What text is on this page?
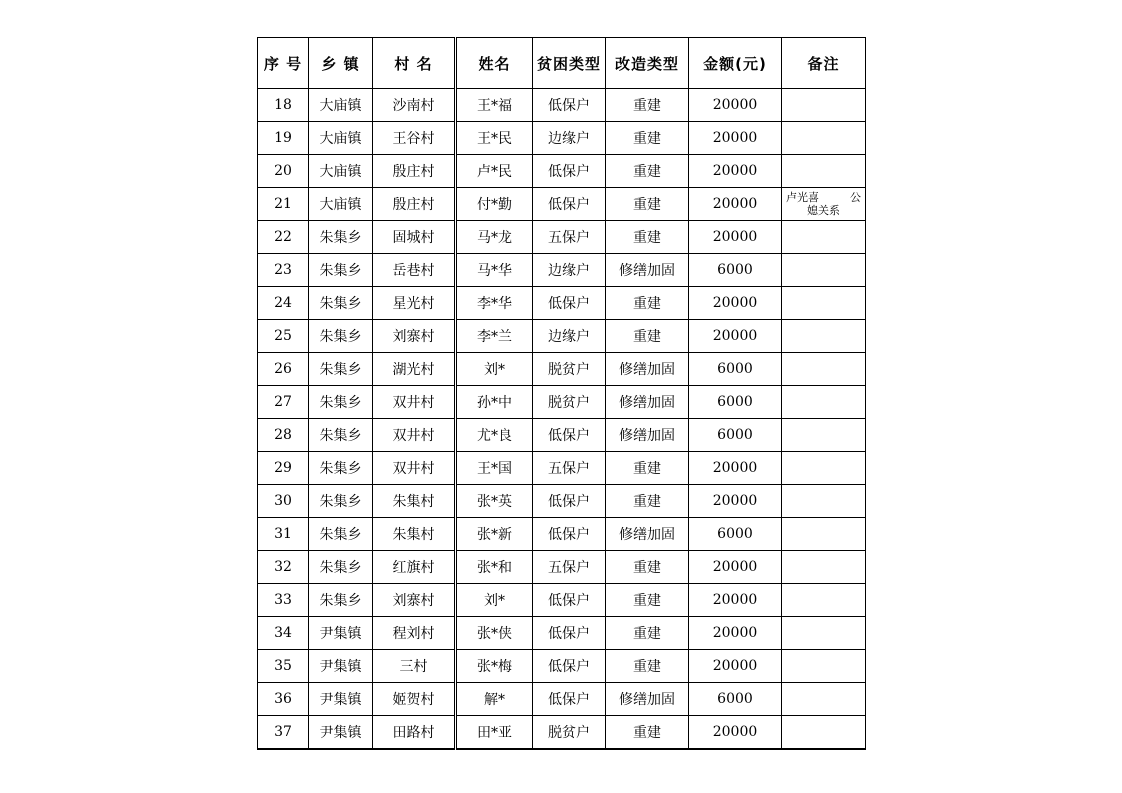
序 号	乡 镇	村 名	姓名	贫困类型	改造类型	金额(元)	备注
18	大庙镇	沙南村	王*福	低保户	重建	20000	
19	大庙镇	王谷村	王*民	边缘户	重建	20000	
20	大庙镇	殷庄村	卢*民	低保户	重建	20000	
21	大庙镇	殷庄村	付*勤	低保户	重建	20000	卢光喜 公
媳关系

22	朱集乡	固城村	马*龙	五保户	重建	20000	
23	朱集乡	岳巷村	马*华	边缘户	修缮加固	6000	
24	朱集乡	星光村	李*华	低保户	重建	20000	
25	朱集乡	刘寨村	李*兰	边缘户	重建	20000	
26	朱集乡	湖光村	刘*	脱贫户	修缮加固	6000	
27	朱集乡	双井村	孙*中	脱贫户	修缮加固	6000	
28	朱集乡	双井村	尤*良	低保户	修缮加固	6000	
29	朱集乡	双井村	王*国	五保户	重建	20000	
30	朱集乡	朱集村	张*英	低保户	重建	20000	
31	朱集乡	朱集村	张*新	低保户	修缮加固	6000	
32	朱集乡	红旗村	张*和	五保户	重建	20000	
33	朱集乡	刘寨村	刘*	低保户	重建	20000	
34	尹集镇	程刘村	张*侠	低保户	重建	20000	
35	尹集镇	三村	张*梅	低保户	重建	20000	
36	尹集镇	姬贺村	解*	低保户	修缮加固	6000	
37	尹集镇	田路村	田*亚	脱贫户	重建	20000	
